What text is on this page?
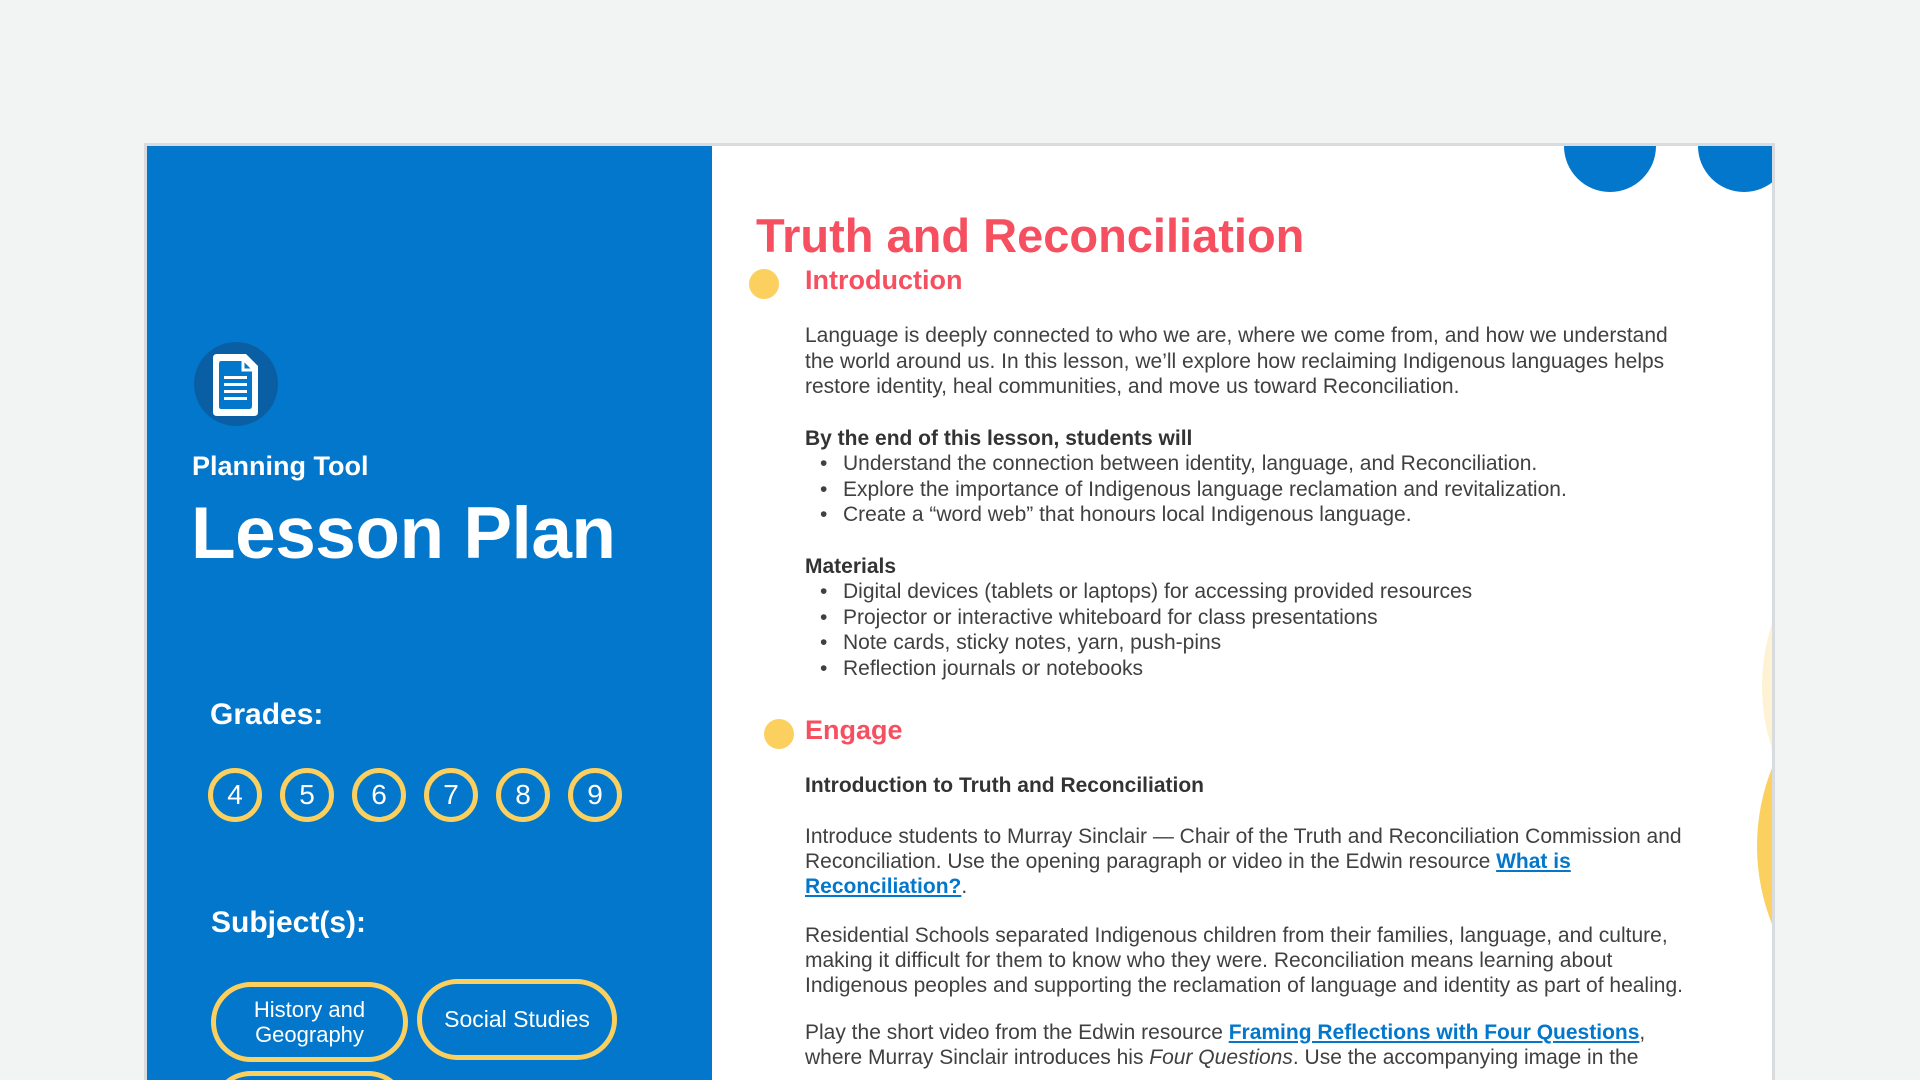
Planning Tool
Lesson Plan
Grades:
4	5	6	7	8	9
Subject(s):
History and Geography
Social Studies
Truth and Reconciliation
Introduction

Language is deeply connected to who we are, where we come from, and how we understand the world around us. In this lesson, we’ll explore how reclaiming Indigenous languages helps restore identity, heal communities, and move us toward Reconciliation.

By the end of this lesson, students will

• Understand the connection between identity, language, and Reconciliation.
• Explore the importance of Indigenous language reclamation and revitalization.
• Create a “word web” that honours local Indigenous language.

Materials

• Digital devices (tablets or laptops) for accessing provided resources
• Projector or interactive whiteboard for class presentations
• Note cards, sticky notes, yarn, push-pins
• Reflection journals or notebooks
Engage

Introduction to Truth and Reconciliation

Introduce students to Murray Sinclair — Chair of the Truth and Reconciliation Commission and Reconciliation. Use the opening paragraph or video in the Edwin resource What is Reconciliation?.

Residential Schools separated Indigenous children from their families, language, and culture, making it difficult for them to know who they were. Reconciliation means learning about Indigenous peoples and supporting the reclamation of language and identity as part of healing.

Play the short video from the Edwin resource Framing Reflections with Four Questions,
where Murray Sinclair introduces his Four Questions. Use the accompanying image in the
